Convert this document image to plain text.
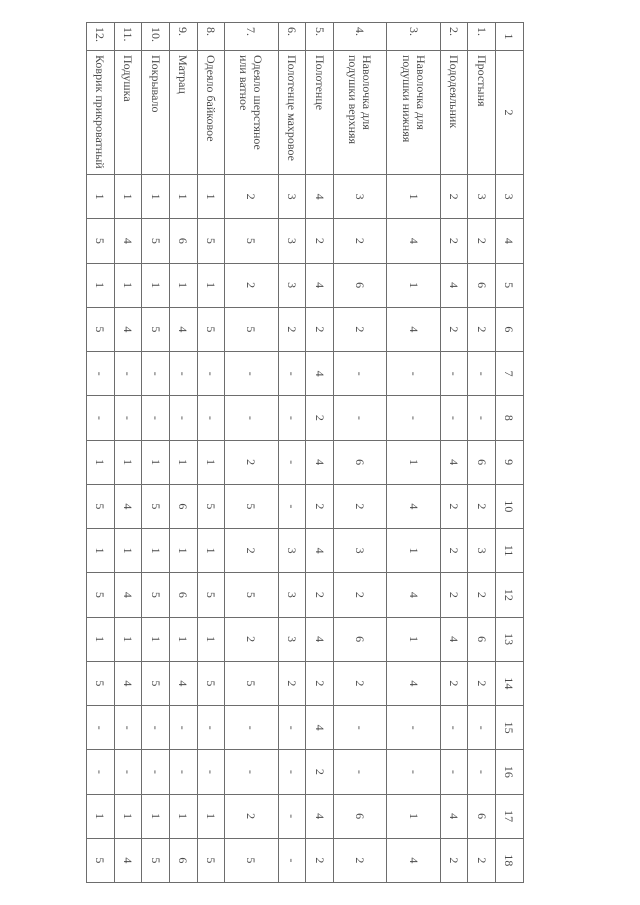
1	2	3	4	5	6	7	8	9	10	11	12	13	14	15	16	17	18
1.	Простыня	3	2	6	2	-	-	6	2	3	2	6	2	-	-	6	2
2.	Пододеяльник	2	2	4	2	-	-	4	2	2	2	4	2	-	-	4	2
3.	Наволочка для подушки нижняя	1	4	1	4	-	-	1	4	1	4	1	4	-	-	1	4
4.	Наволочка для подушки верхняя	3	2	6	2	-	-	6	2	3	2	6	2	-	-	6	2
5.	Полотенце	4	2	4	2	4	2	4	2	4	2	4	2	4	2	4	2
6.	Полотенце махровое	3	3	3	2	-	-	-	-	3	3	3	2	-	-	-	-
7.	Одеяло шерстяное или ватное	2	5	2	5	-	-	2	5	2	5	2	5	-	-	2	5
8.	Одеяло байковое	1	5	1	5	-	-	1	5	1	5	1	5	-	-	1	5
9.	Матрац	1	6	1	4	-	-	1	6	1	6	1	4	-	-	1	6
10.	Покрывало	1	5	1	5	-	-	1	5	1	5	1	5	-	-	1	5
11.	Подушка	1	4	1	4	-	-	1	4	1	4	1	4	-	-	1	4
12.	Коврик прикроватный	1	5	1	5	-	-	1	5	1	5	1	5	-	-	1	5
